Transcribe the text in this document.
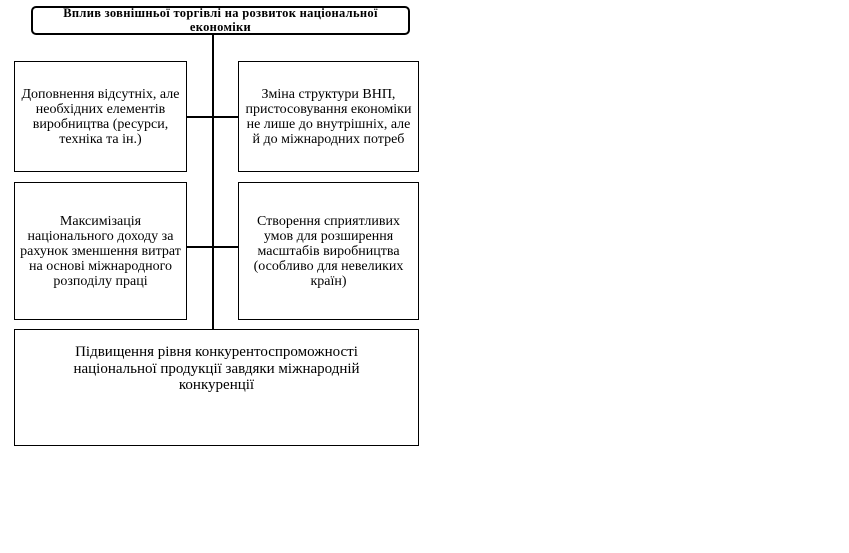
Вплив зовнішньої торгівлі на розвиток національної економіки
Доповнення відсутніх, але необхідних елементів виробництва (ресурси, техніка та ін.)
Зміна структури ВНП, пристосовування економіки не лише до внутрішніх, але й до міжнародних потреб
Максимізація національного доходу за рахунок зменшення витрат на основі міжнародного розподілу праці
Створення сприятливих умов для розширення масштабів виробництва (особливо для невеликих країн)
Підвищення рівня конкурентоспроможності національної продукції завдяки міжнародній конкуренції
